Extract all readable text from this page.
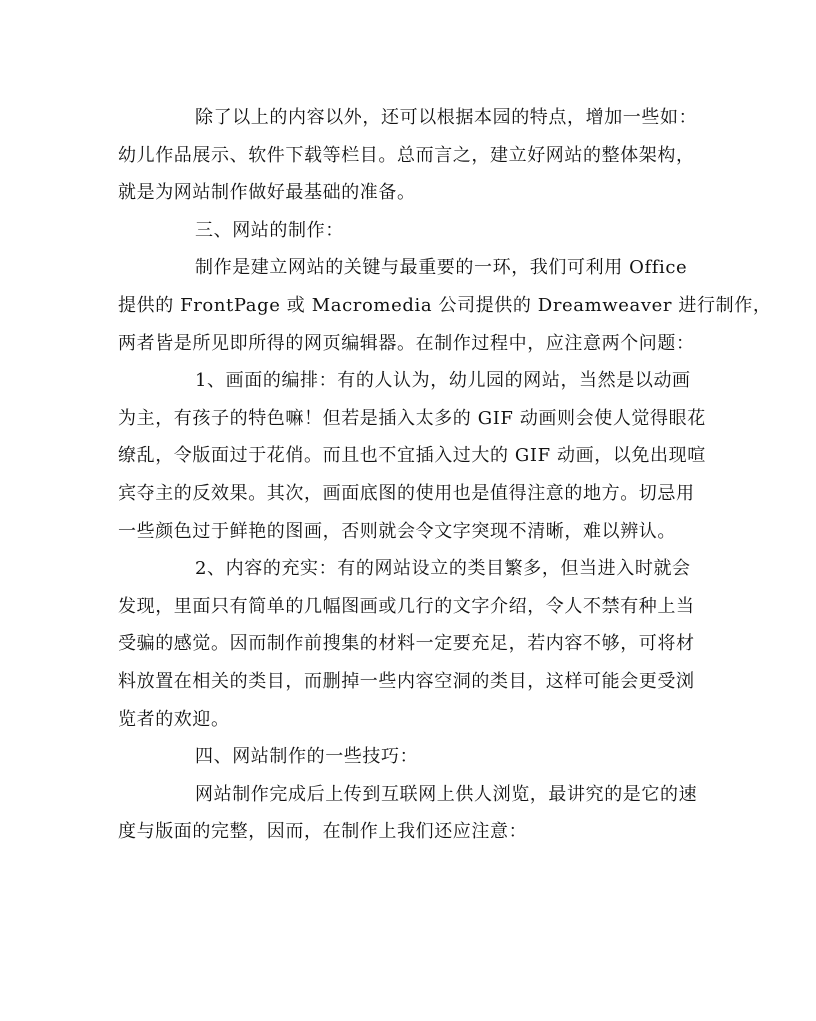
除了以上的内容以外，还可以根据本园的特点，增加一些如：
幼儿作品展示、软件下载等栏目。总而言之，建立好网站的整体架构，
就是为网站制作做好最基础的准备。
三、网站的制作：
制作是建立网站的关键与最重要的一环，我们可利用 Office
提供的 FrontPage 或 Macromedia 公司提供的 Dreamweaver 进行制作，
两者皆是所见即所得的网页编辑器。在制作过程中，应注意两个问题：
1、画面的编排：有的人认为，幼儿园的网站，当然是以动画
为主，有孩子的特色嘛！但若是插入太多的 GIF 动画则会使人觉得眼花
缭乱，令版面过于花俏。而且也不宜插入过大的 GIF 动画，以免出现喧
宾夺主的反效果。其次，画面底图的使用也是值得注意的地方。切忌用
一些颜色过于鲜艳的图画，否则就会令文字突现不清晰，难以辨认。
2、内容的充实：有的网站设立的类目繁多，但当进入时就会
发现，里面只有简单的几幅图画或几行的文字介绍，令人不禁有种上当
受骗的感觉。因而制作前搜集的材料一定要充足，若内容不够，可将材
料放置在相关的类目，而删掉一些内容空洞的类目，这样可能会更受浏
览者的欢迎。
四、网站制作的一些技巧：
网站制作完成后上传到互联网上供人浏览，最讲究的是它的速
度与版面的完整，因而，在制作上我们还应注意：
